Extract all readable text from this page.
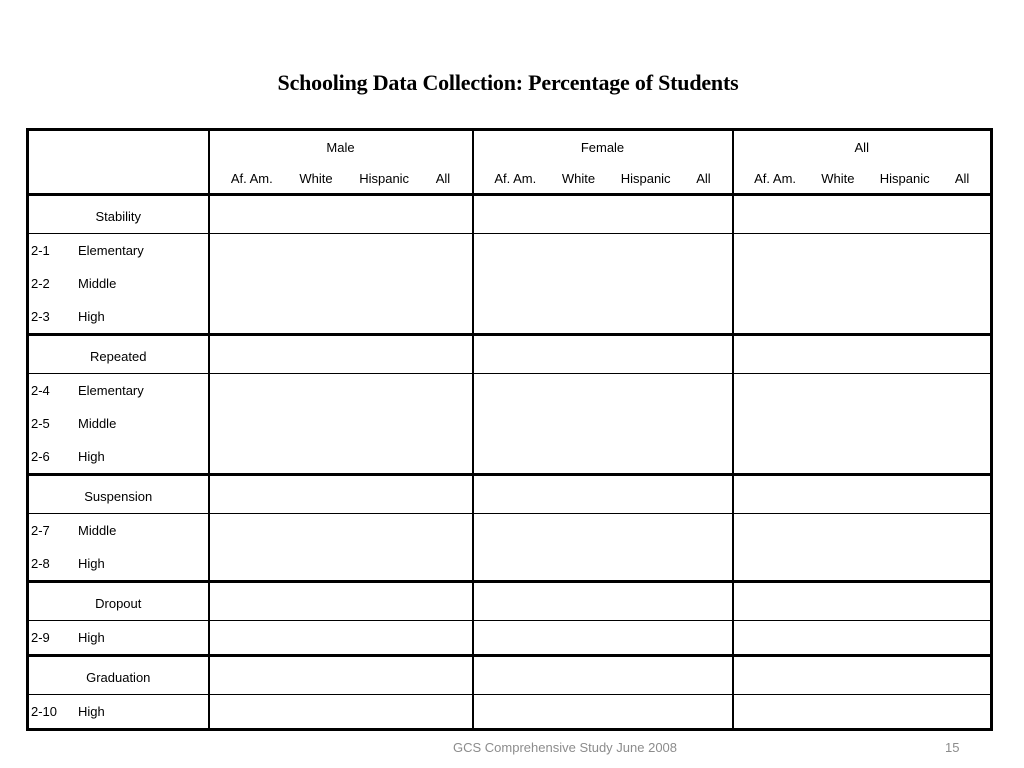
Schooling Data Collection: Percentage of Students
	Male	Female	All

	Af. Am. White Hispanic All	Af. Am. White Hispanic All	Af. Am. White Hispanic All

Stability			

2-1 Elementary			

2-2 Middle			

2-3 High			

Repeated			

2-4 Elementary			

2-5 Middle			

2-6 High			

Suspension			

2-7 Middle			

2-8 High			

Dropout			

2-9 High			

Graduation			

2-10 High			

GCS Comprehensive Study June 2008	15
